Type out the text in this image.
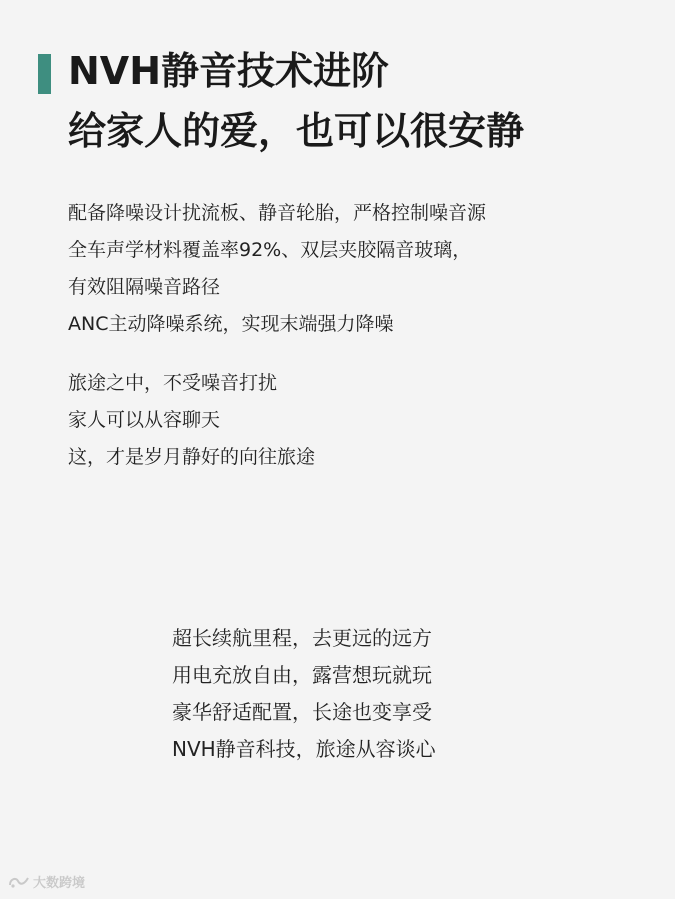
NVH静音技术进阶
给家人的爱，也可以很安静
配备降噪设计扰流板、静音轮胎，严格控制噪音源
全车声学材料覆盖率92%、双层夹胶隔音玻璃，
有效阻隔噪音路径
ANC主动降噪系统，实现末端强力降噪
旅途之中，不受噪音打扰
家人可以从容聊天
这，才是岁月静好的向往旅途
超长续航里程，去更远的远方
用电充放自由，露营想玩就玩
豪华舒适配置，长途也变享受
NVH静音科技，旅途从容谈心
大数跨境
